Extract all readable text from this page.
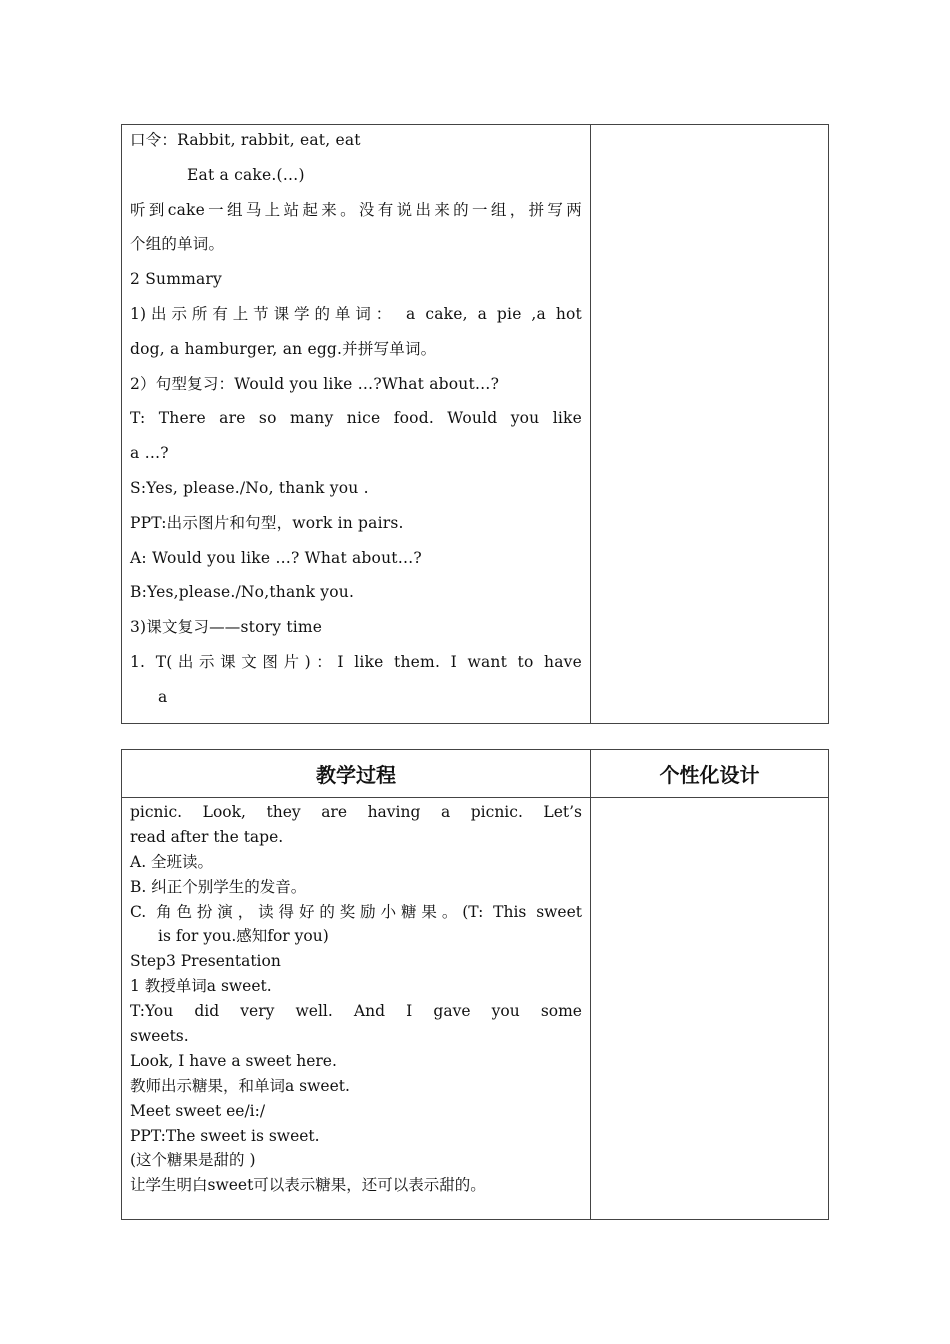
口令：Rabbit, rabbit, eat, eat
Eat a cake.(…)
听到cake一组马上站起来。没有说出来的一组，拼写两
个组的单词。
2 Summary
1)出示所有上节课学的单词： a cake, a pie ,a hot
dog, a hamburger, an egg.并拼写单词。
2）句型复习：Would you like …?What about…?
T: There are so many nice food. Would you like
a …?
S:Yes, please./No, thank you .
PPT:出示图片和句型，work in pairs.
A: Would you like …? What about…?
B:Yes,please./No,thank you.
3)课文复习——story time
1. T(出示课文图片)：I like them. I want to have
a
教学过程	个性化设计
picnic. Look, they are having a picnic. Let’s
read after the tape.
A. 全班读。
B. 纠正个别学生的发音。
C. 角色扮演，读得好的奖励小糖果。(T: This sweet
is for you.感知for you)
Step3 Presentation
1 教授单词a sweet.
T:You did very well. And I gave you some
sweets.
Look, I have a sweet here.
教师出示糖果，和单词a sweet.
Meet sweet ee/i:/
PPT:The sweet is sweet.
(这个糖果是甜的 )
让学生明白sweet可以表示糖果，还可以表示甜的。
